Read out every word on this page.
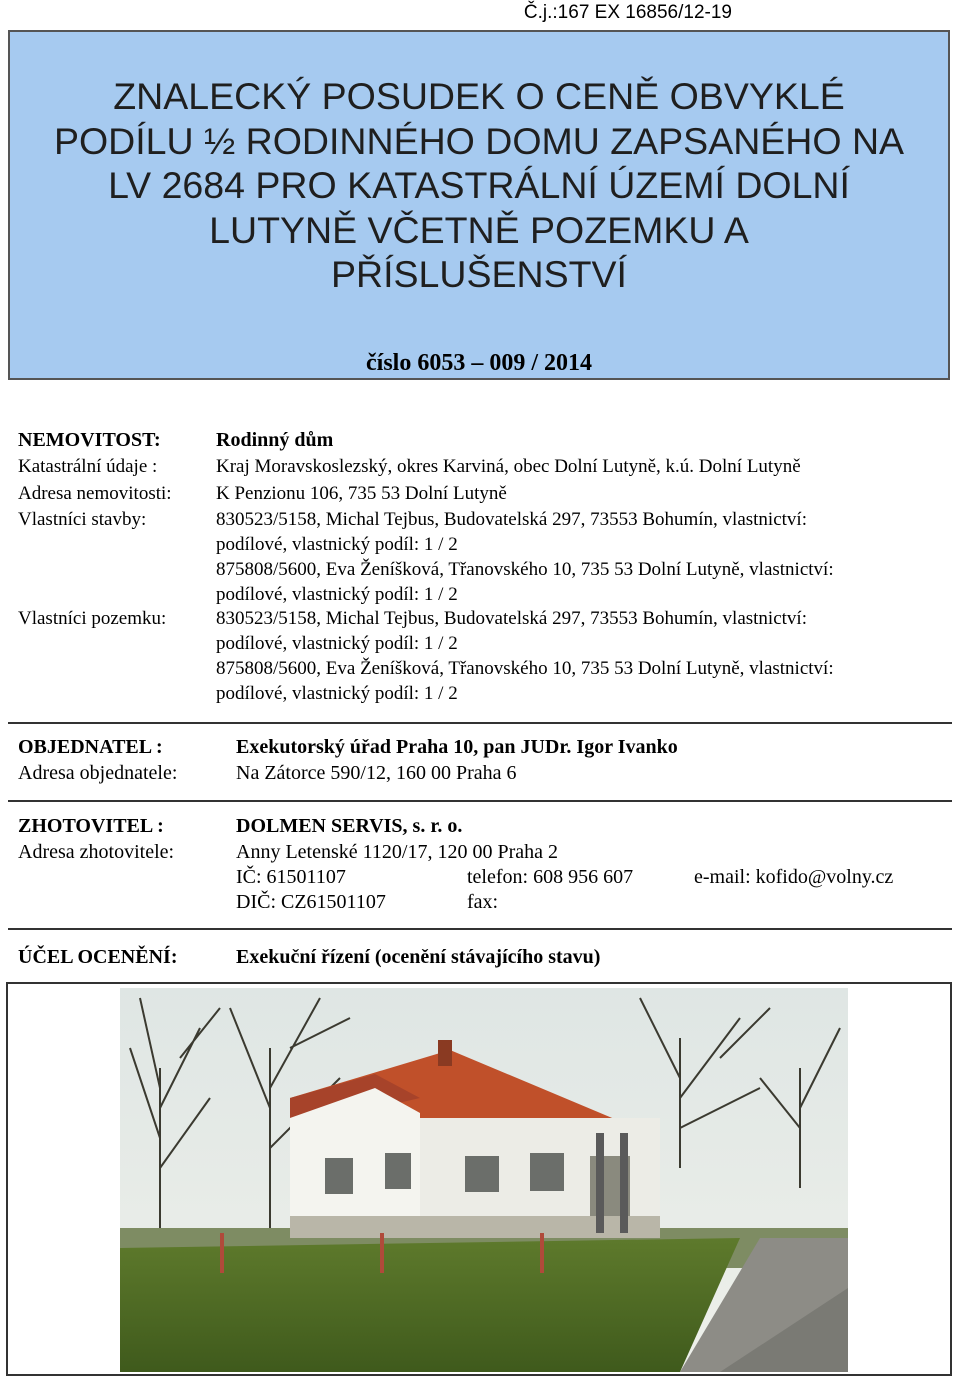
Č.j.:167 EX 16856/12-19
ZNALECKÝ POSUDEK O CENĚ OBVYKLÉ
PODÍLU ½ RODINNÉHO DOMU ZAPSANÉHO NA
LV 2684 PRO KATASTRÁLNÍ ÚZEMÍ DOLNÍ
LUTYNĚ VČETNĚ POZEMKU A
PŘÍSLUŠENSTVÍ
číslo 6053 – 009 / 2014
NEMOVITOST:	Rodinný dům
Katastrální údaje :	Kraj Moravskoslezský, okres Karviná, obec Dolní Lutyně, k.ú. Dolní Lutyně
Adresa nemovitosti: K Penzionu 106, 735 53 Dolní Lutyně
Vlastníci stavby:	830523/5158, Michal Tejbus, Budovatelská 297, 73553 Bohumín, vlastnictví:
podílové, vlastnický podíl: 1 / 2
875808/5600, Eva Ženíšková, Třanovského 10, 735 53 Dolní Lutyně, vlastnictví:
podílové, vlastnický podíl: 1 / 2
Vlastníci pozemku:	830523/5158, Michal Tejbus, Budovatelská 297, 73553 Bohumín, vlastnictví:
podílové, vlastnický podíl: 1 / 2
875808/5600, Eva Ženíšková, Třanovského 10, 735 53 Dolní Lutyně, vlastnictví:
podílové, vlastnický podíl: 1 / 2
OBJEDNATEL :	Exekutorský úřad Praha 10, pan JUDr. Igor Ivanko
Adresa objednatele:	Na Zátorce 590/12, 160 00 Praha 6
ZHOTOVITEL :	DOLMEN SERVIS, s. r. o.
Adresa zhotovitele:	Anny Letenské 1120/17, 120 00 Praha 2
IČ: 61501107	telefon: 608 956 607	e-mail: kofido@volny.cz
DIČ: CZ61501107	fax:
ÚČEL OCENĚNÍ:	Exekuční řízení (ocenění stávajícího stavu)
